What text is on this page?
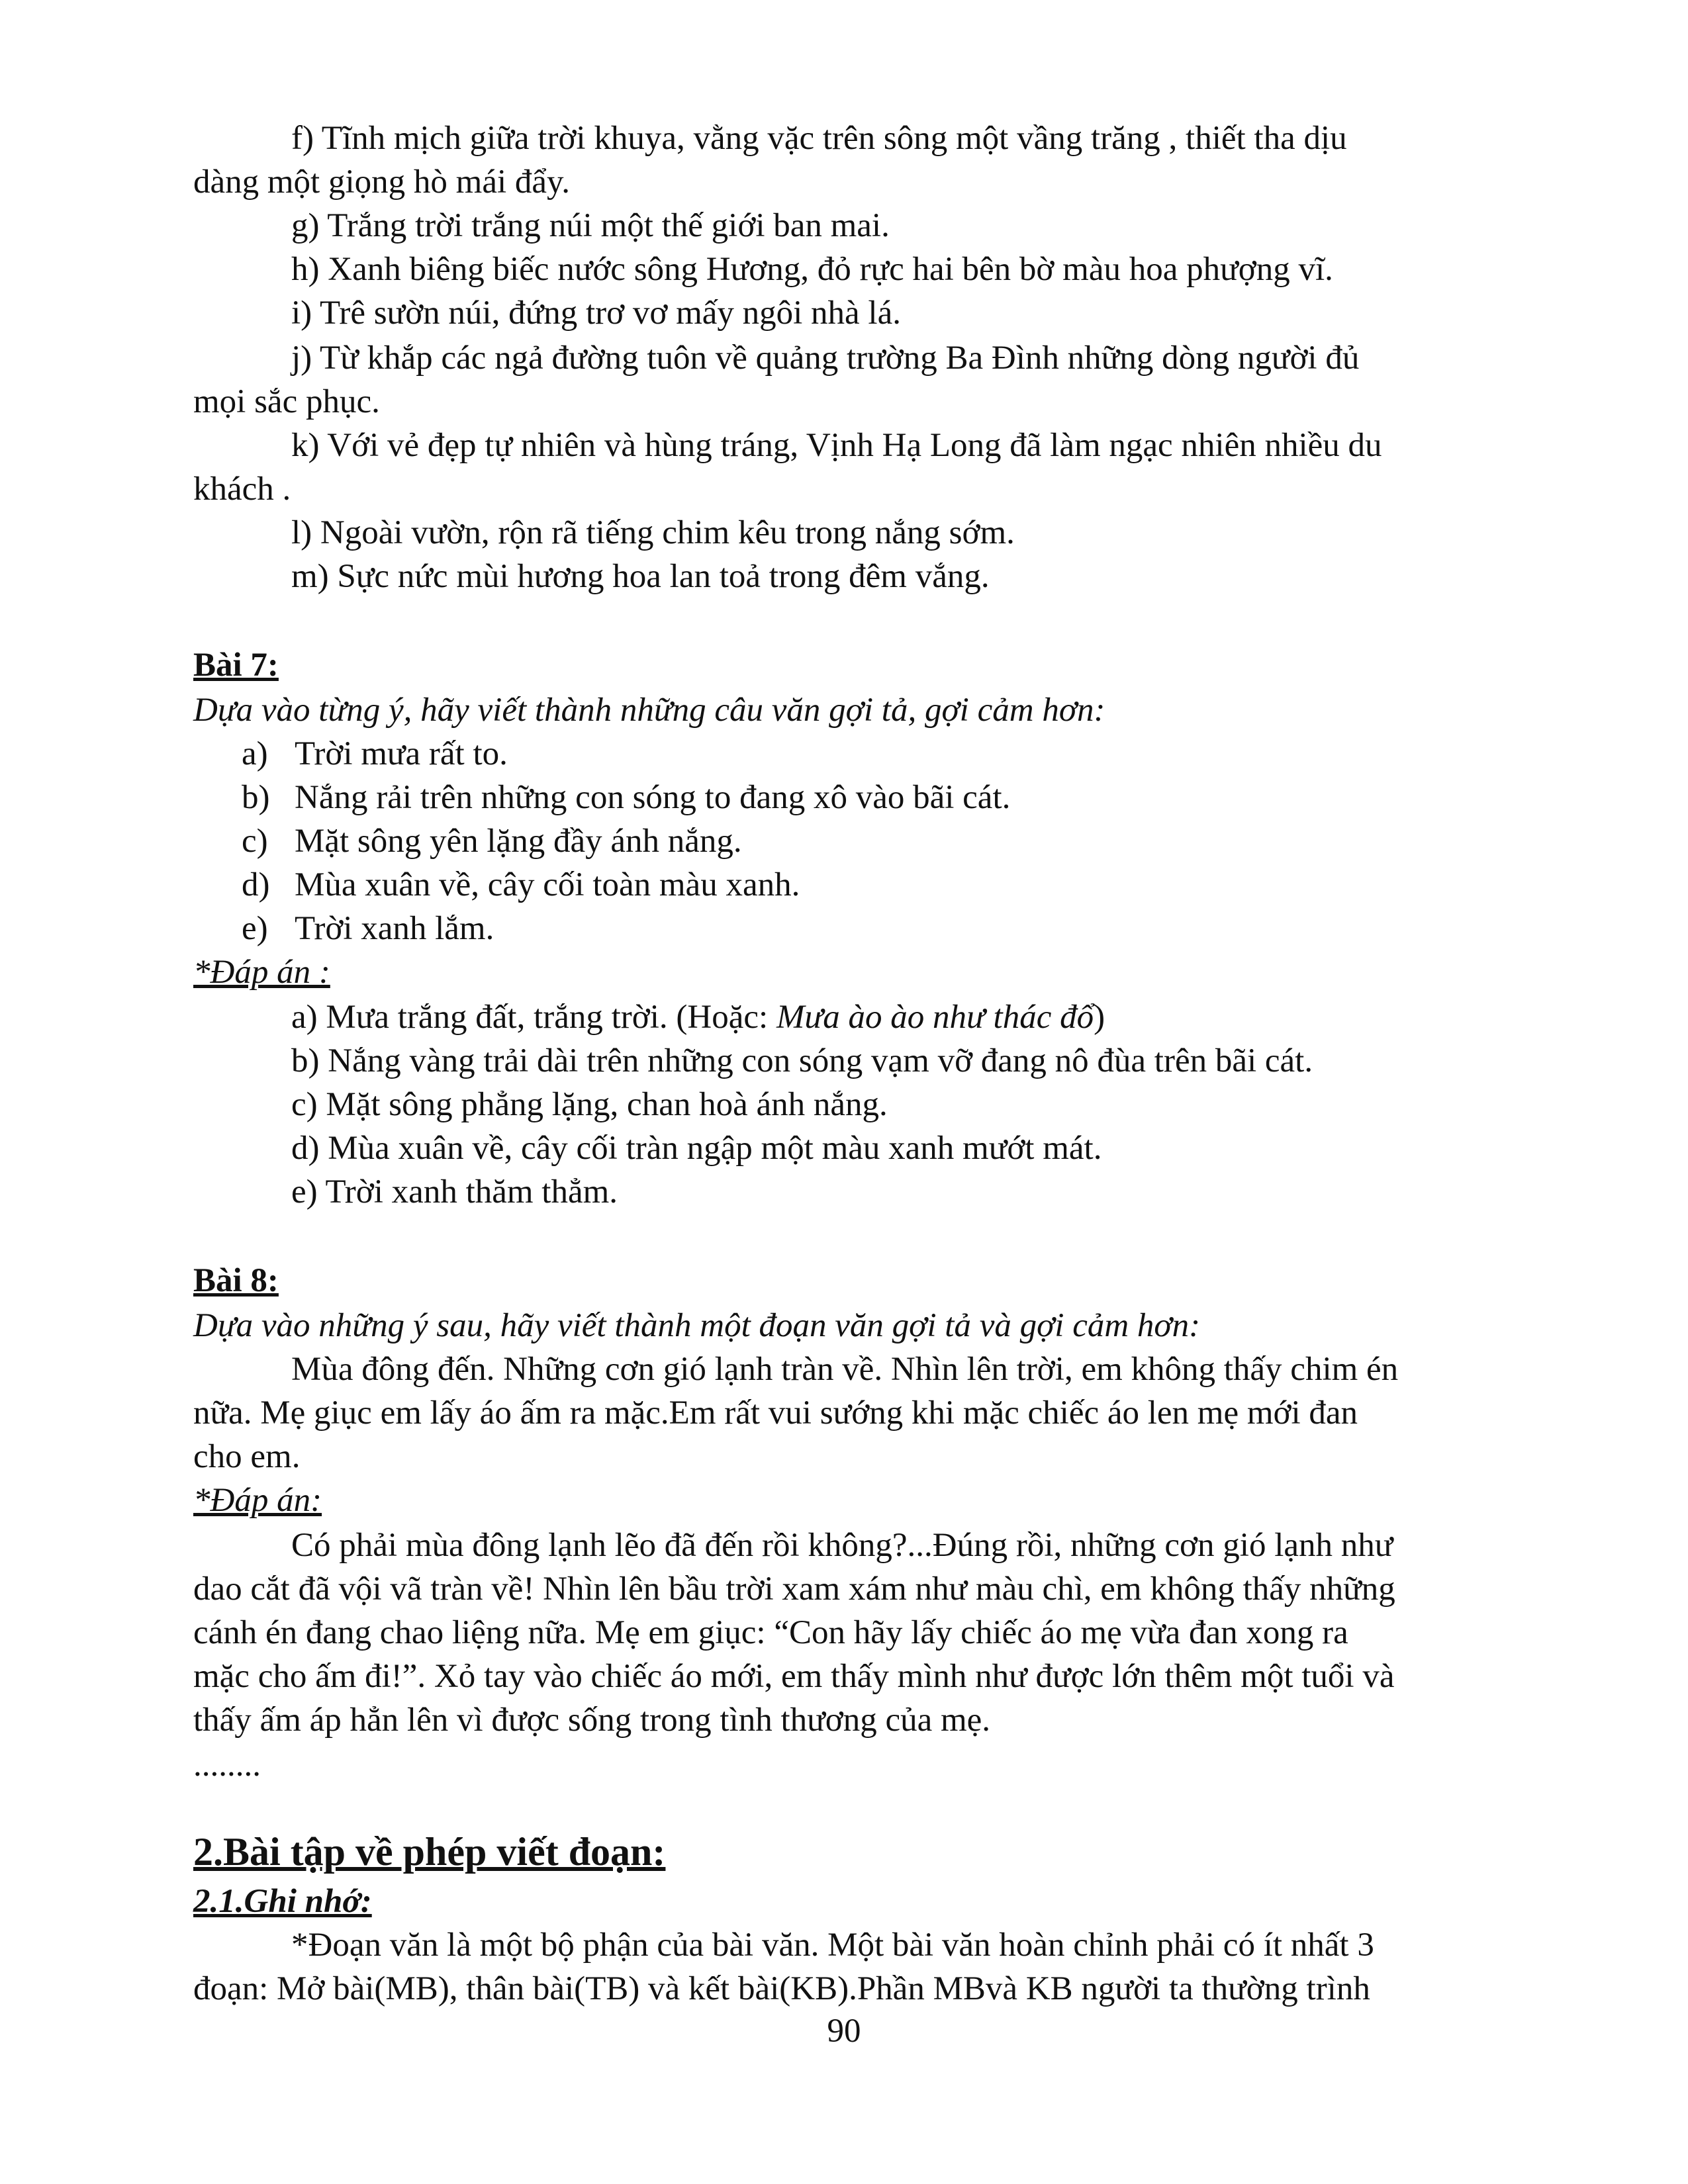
f) Tĩnh mịch giữa trời khuya, vằng vặc trên sông một vầng trăng , thiết tha dịu
dàng một giọng hò mái đẩy.
g) Trắng trời trắng núi một thế giới ban mai.
h) Xanh biêng biếc nước sông Hương, đỏ rực hai bên bờ màu hoa phượng vĩ.
i) Trê sườn núi, đứng trơ vơ mấy ngôi nhà lá.
j) Từ khắp các ngả đường tuôn về quảng trường Ba Đình những dòng người đủ
mọi sắc phục.
k) Với vẻ đẹp tự nhiên và hùng tráng, Vịnh Hạ Long đã làm ngạc nhiên nhiều du
khách .
l) Ngoài vườn, rộn rã tiếng chim kêu trong nắng sớm.
m) Sực nức mùi hương hoa lan toả trong đêm vắng.
Bài 7:
Dựa vào từng ý, hãy viết thành những câu văn gợi tả, gợi cảm hơn:
a) Trời mưa rất to.
b) Nắng rải trên những con sóng to đang xô vào bãi cát.
c) Mặt sông yên lặng đầy ánh nắng.
d) Mùa xuân về, cây cối toàn màu xanh.
e) Trời xanh lắm.
*Đáp án :
a) Mưa trắng đất, trắng trời. (Hoặc: Mưa ào ào như thác đổ)
b) Nắng vàng trải dài trên những con sóng vạm vỡ đang nô đùa trên bãi cát.
c) Mặt sông phẳng lặng, chan hoà ánh nắng.
d) Mùa xuân về, cây cối tràn ngập một màu xanh mướt mát.
e) Trời xanh thăm thẳm.
Bài 8:
Dựa vào những ý sau, hãy viết thành một đoạn văn gợi tả và gợi cảm hơn:
Mùa đông đến. Những cơn gió lạnh tràn về. Nhìn lên trời, em không thấy chim én
nữa. Mẹ giục em lấy áo ấm ra mặc.Em rất vui sướng khi mặc chiếc áo len mẹ mới đan
cho em.
*Đáp án:
Có phải mùa đông lạnh lẽo đã đến rồi không?...Đúng rồi, những cơn gió lạnh như
dao cắt đã vội vã tràn về! Nhìn lên bầu trời xam xám như màu chì, em không thấy những
cánh én đang chao liệng nữa. Mẹ em giục: “Con hãy lấy chiếc áo mẹ vừa đan xong ra
mặc cho ấm đi!”. Xỏ tay vào chiếc áo mới, em thấy mình như được lớn thêm một tuổi và
thấy ấm áp hẳn lên vì được sống trong tình thương của mẹ.
........
2.Bài tập về phép viết đoạn:
2.1.Ghi nhớ:
*Đoạn văn là một bộ phận của bài văn. Một bài văn hoàn chỉnh phải có ít nhất 3
đoạn: Mở bài(MB), thân bài(TB) và kết bài(KB).Phần MBvà KB người ta thường trình
90
